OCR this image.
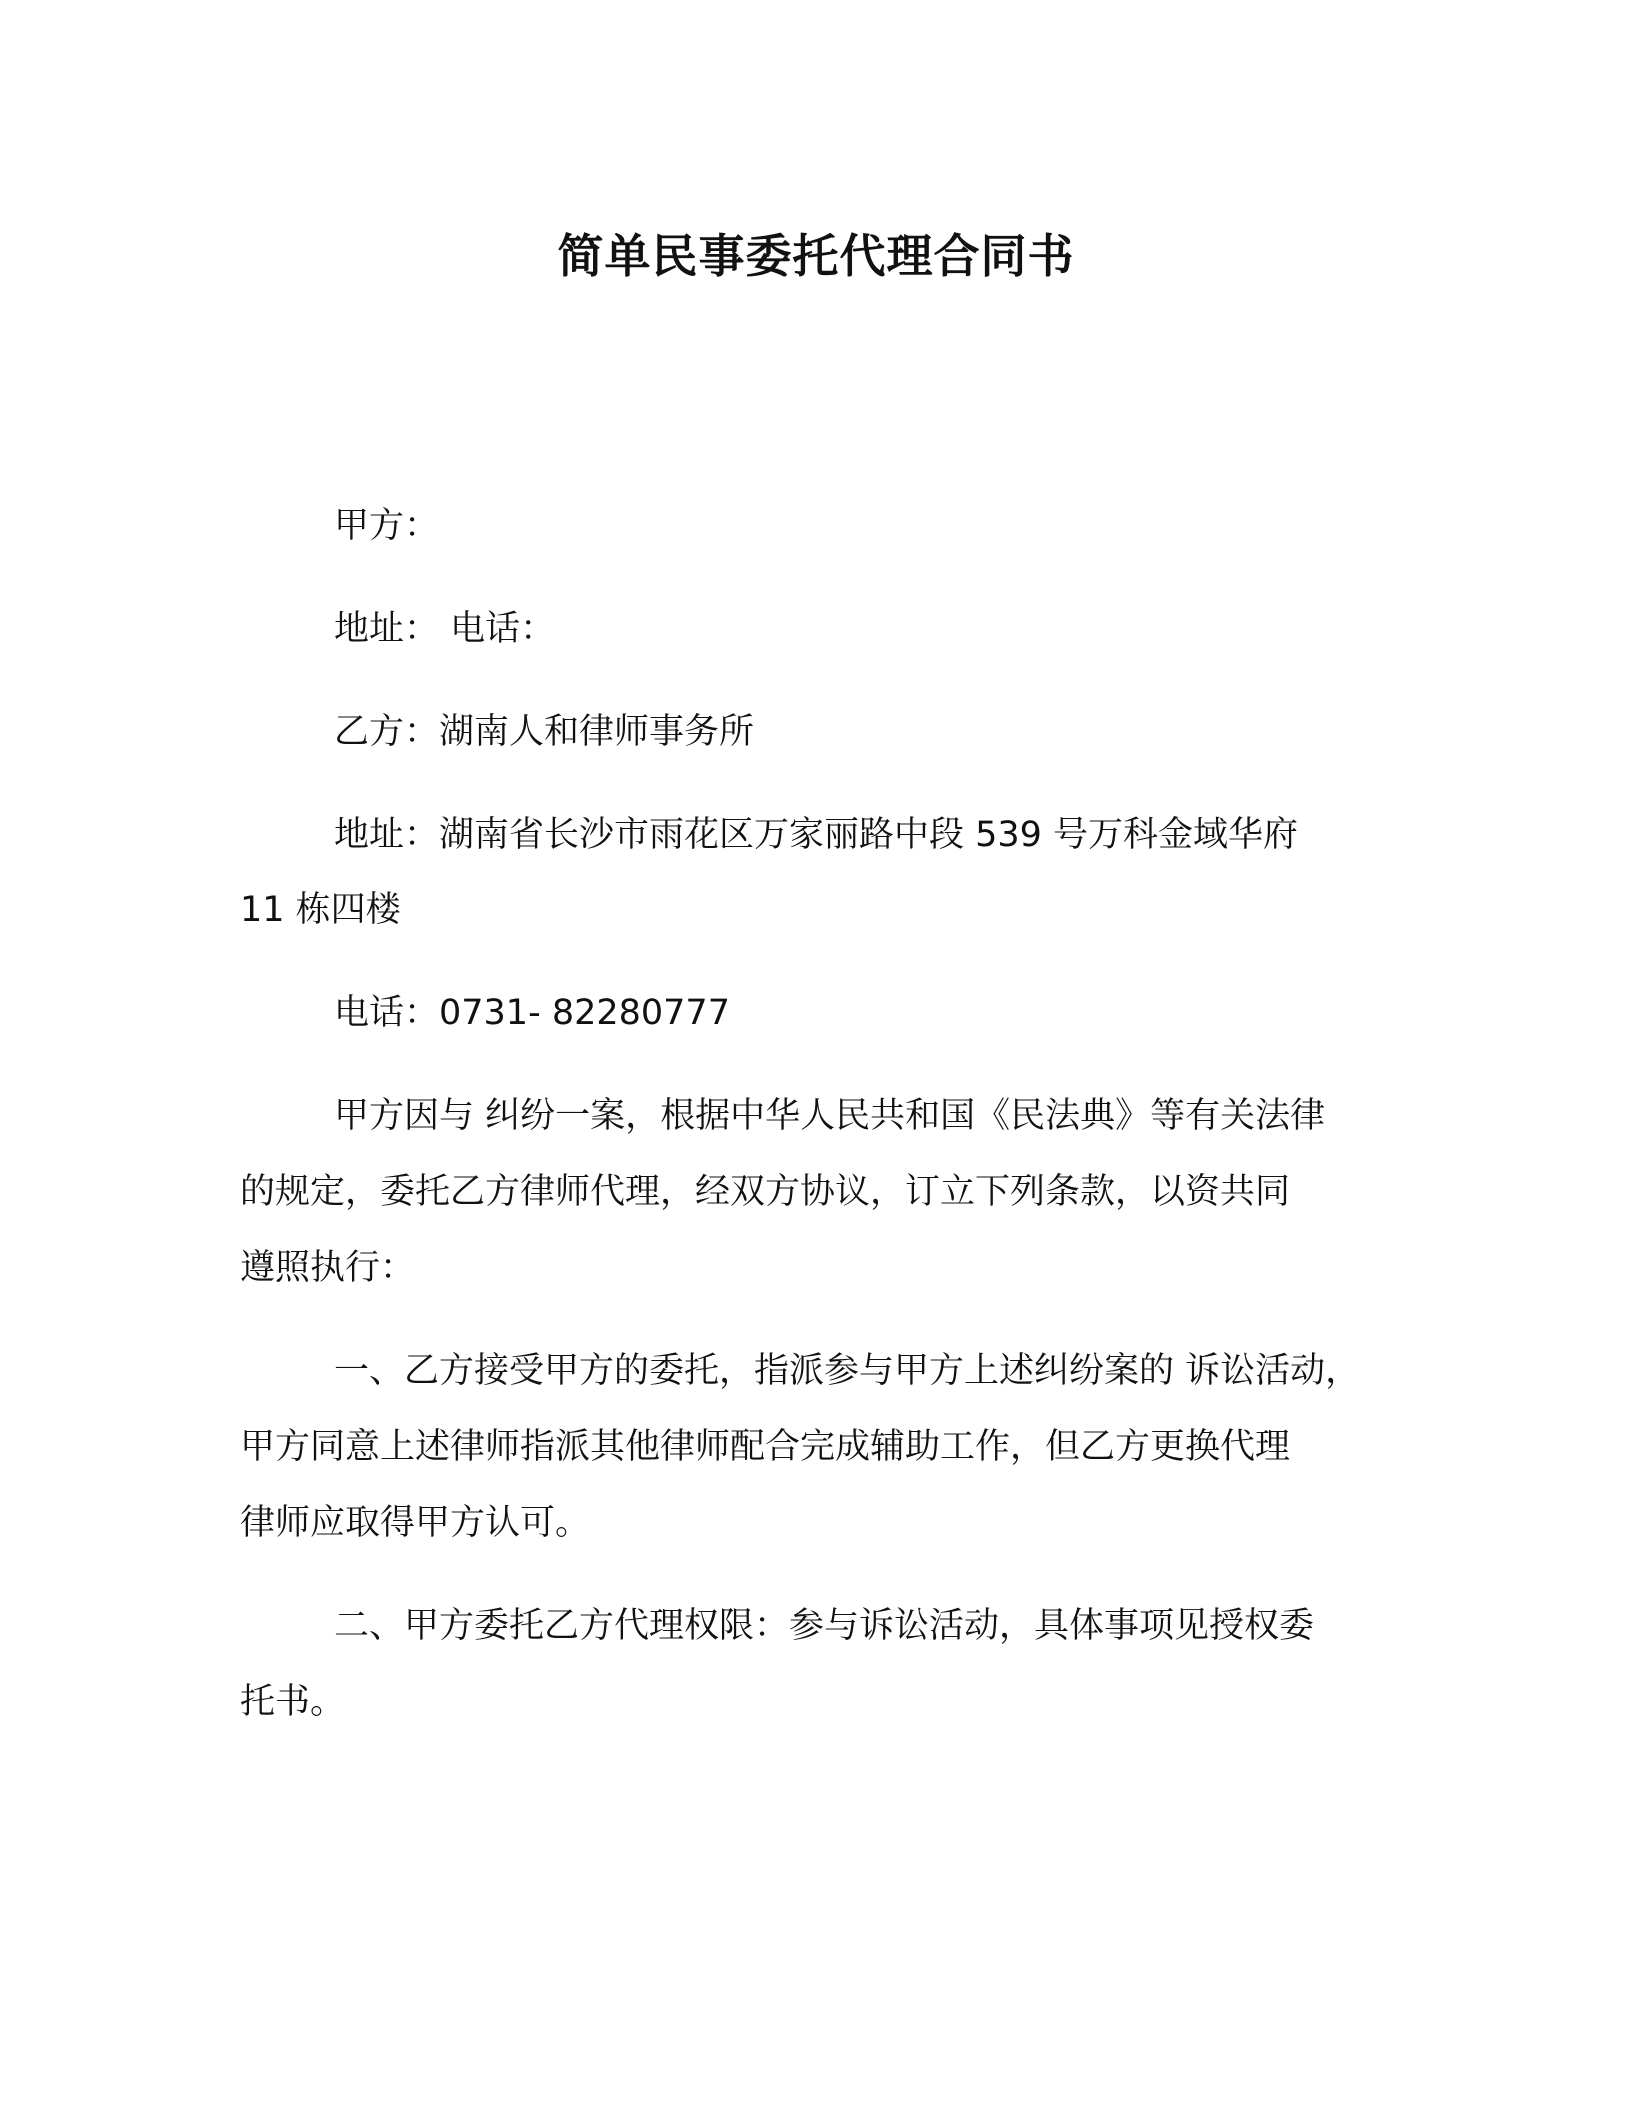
简单民事委托代理合同书
甲方：
地址： 电话：
乙方：湖南人和律师事务所
地址：湖南省长沙市雨花区万家丽路中段 539 号万科金域华府
11 栋四楼
电话：0731- 82280777
甲方因与 纠纷一案，根据中华人民共和国《民法典》等有关法律
的规定，委托乙方律师代理，经双方协议，订立下列条款，以资共同
遵照执行：
一、乙方接受甲方的委托，指派参与甲方上述纠纷案的 诉讼活动，
甲方同意上述律师指派其他律师配合完成辅助工作，但乙方更换代理
律师应取得甲方认可。
二、甲方委托乙方代理权限：参与诉讼活动，具体事项见授权委
托书。
